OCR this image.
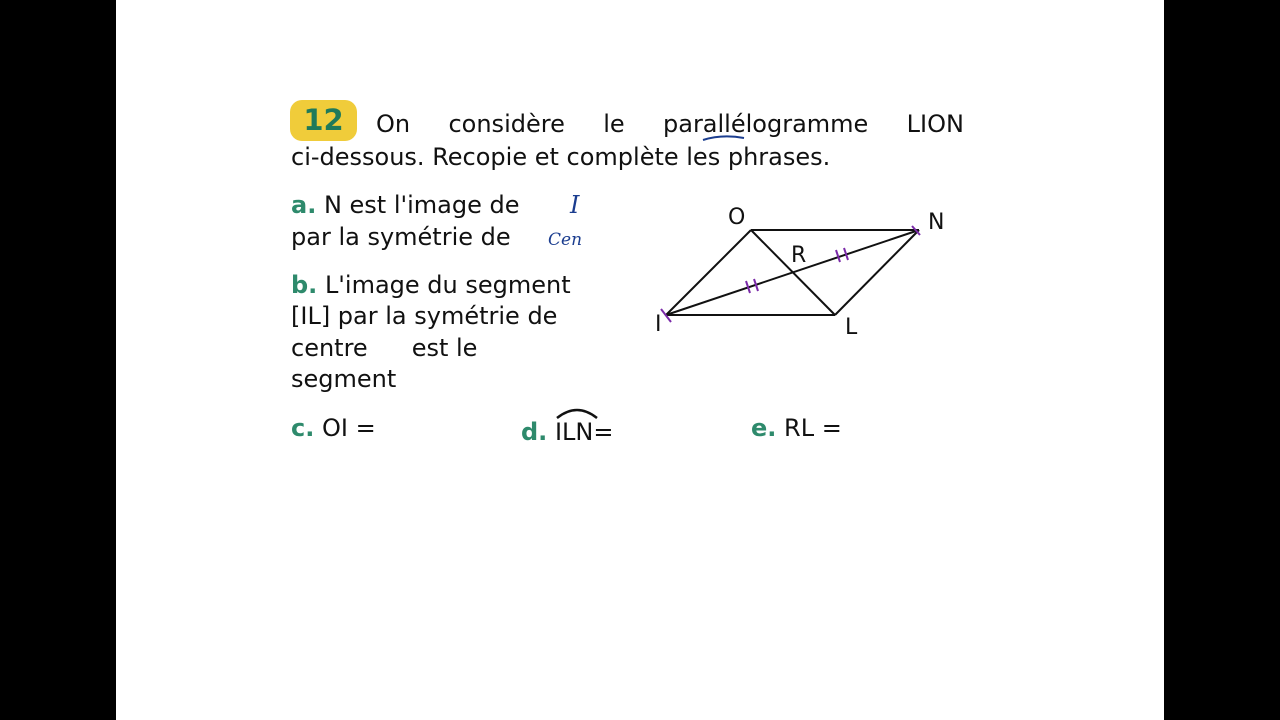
12	On considère le parallélogramme LION
ci-dessous. Recopie et complète les phrases.
a. N est l'image de
par la symétrie de
b. L'image du segment
[IL] par la symétrie de
centre est le
segment
c. OI =	d. ILN=	e. RL =
O	N
R
I	L
I
Cen
